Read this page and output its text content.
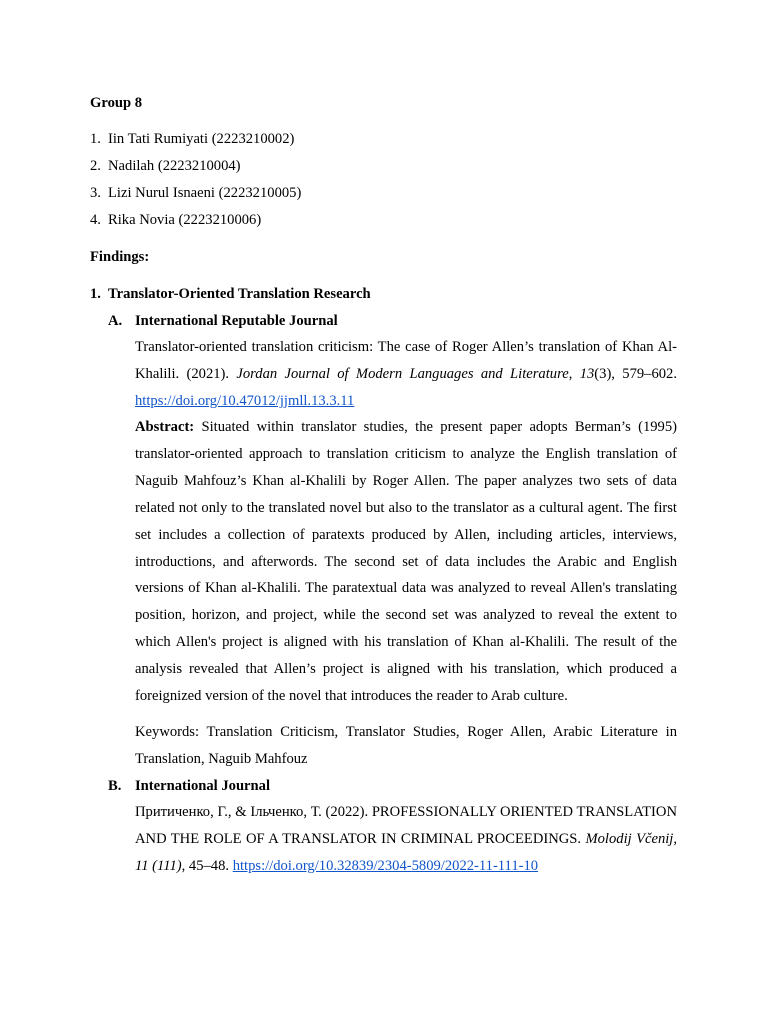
Group 8
1. Iin Tati Rumiyati (2223210002)
2. Nadilah (2223210004)
3. Lizi Nurul Isnaeni (2223210005)
4. Rika Novia (2223210006)
Findings:
1. Translator-Oriented Translation Research
A. International Reputable Journal
Translator-oriented translation criticism: The case of Roger Allen’s translation of Khan Al-Khalili. (2021). Jordan Journal of Modern Languages and Literature, 13(3), 579–602. https://doi.org/10.47012/jjmll.13.3.11
Abstract: Situated within translator studies, the present paper adopts Berman’s (1995) translator-oriented approach to translation criticism to analyze the English translation of Naguib Mahfouz’s Khan al-Khalili by Roger Allen. The paper analyzes two sets of data related not only to the translated novel but also to the translator as a cultural agent. The first set includes a collection of paratexts produced by Allen, including articles, interviews, introductions, and afterwords. The second set of data includes the Arabic and English versions of Khan al-Khalili. The paratextual data was analyzed to reveal Allen's translating position, horizon, and project, while the second set was analyzed to reveal the extent to which Allen's project is aligned with his translation of Khan al-Khalili. The result of the analysis revealed that Allen’s project is aligned with his translation, which produced a foreignized version of the novel that introduces the reader to Arab culture.
Keywords: Translation Criticism, Translator Studies, Roger Allen, Arabic Literature in Translation, Naguib Mahfouz
B. International Journal
Притиченко, Г., & Ільченко, Т. (2022). PROFESSIONALLY ORIENTED TRANSLATION AND THE ROLE OF A TRANSLATOR IN CRIMINAL PROCEEDINGS. Molodij Včenij, 11 (111), 45–48. https://doi.org/10.32839/2304-5809/2022-11-111-10
